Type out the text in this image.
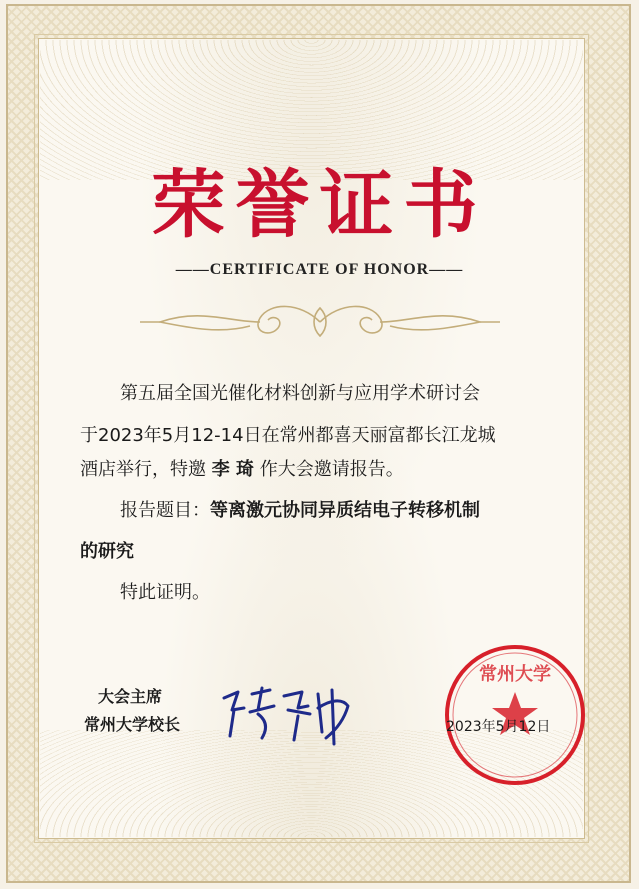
荣誉证书
——CERTIFICATE OF HONOR——
第五届全国光催化材料创新与应用学术研讨会
于2023年5月12-14日在常州都喜天丽富都长江龙城
酒店举行，特邀 李 琦 作大会邀请报告。
报告题目：等离激元协同异质结电子转移机制
的研究
特此证明。
大会主席
常州大学校长
常州大学
2023年5月12日
